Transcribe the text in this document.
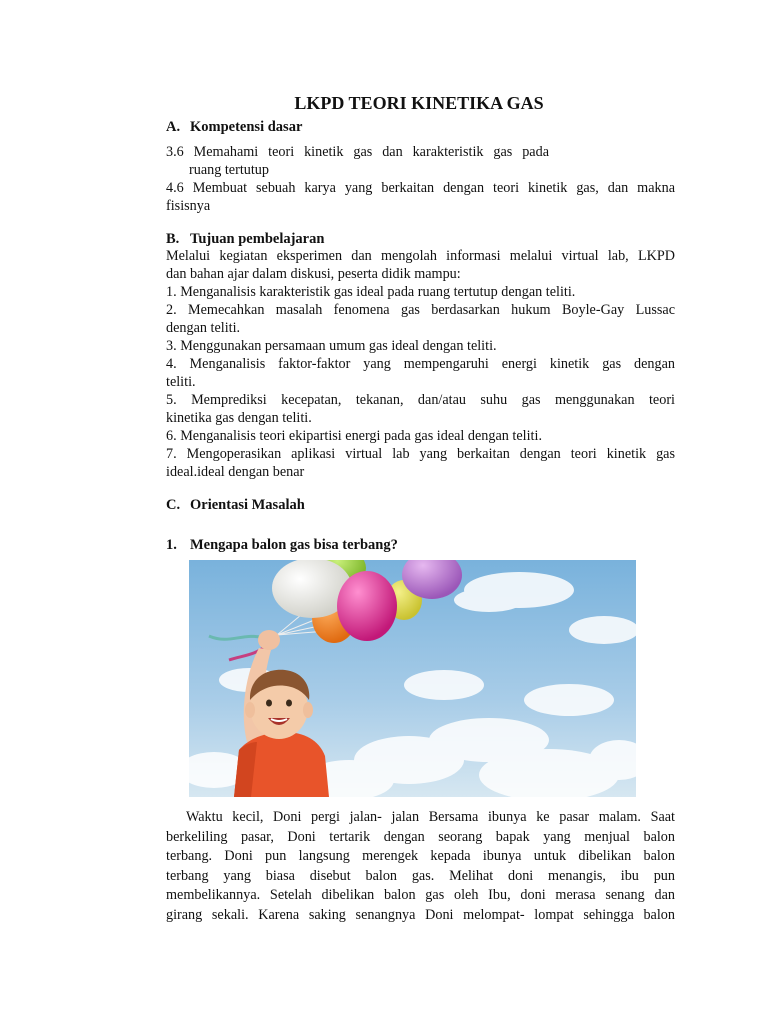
LKPD TEORI KINETIKA GAS
A. Kompetensi dasar
3.6 Memahami teori kinetik gas dan karakteristik gas pada
ruang tertutup
4.6 Membuat sebuah karya yang berkaitan dengan teori kinetik gas, dan makna
fisisnya
B. Tujuan pembelajaran
Melalui kegiatan eksperimen dan mengolah informasi melalui virtual lab, LKPD
dan bahan ajar dalam diskusi, peserta didik mampu:
1. Menganalisis karakteristik gas ideal pada ruang tertutup dengan teliti.
2. Memecahkan masalah fenomena gas berdasarkan hukum Boyle-Gay Lussac
dengan teliti.
3. Menggunakan persamaan umum gas ideal dengan teliti.
4. Menganalisis faktor-faktor yang mempengaruhi energi kinetik gas dengan
teliti.
5. Memprediksi kecepatan, tekanan, dan/atau suhu gas menggunakan teori
kinetika gas dengan teliti.
6. Menganalisis teori ekipartisi energi pada gas ideal dengan teliti.
7. Mengoperasikan aplikasi virtual lab yang berkaitan dengan teori kinetik gas
ideal.ideal dengan benar
C. Orientasi Masalah
1. Mengapa balon gas bisa terbang?
Waktu kecil, Doni pergi jalan- jalan Bersama ibunya ke pasar malam. Saat
berkeliling pasar, Doni tertarik dengan seorang bapak yang menjual balon
terbang. Doni pun langsung merengek kepada ibunya untuk dibelikan balon
terbang yang biasa disebut balon gas. Melihat doni menangis, ibu pun
membelikannya. Setelah dibelikan balon gas oleh Ibu, doni merasa senang dan
girang sekali. Karena saking senangnya Doni melompat- lompat sehingga balon
